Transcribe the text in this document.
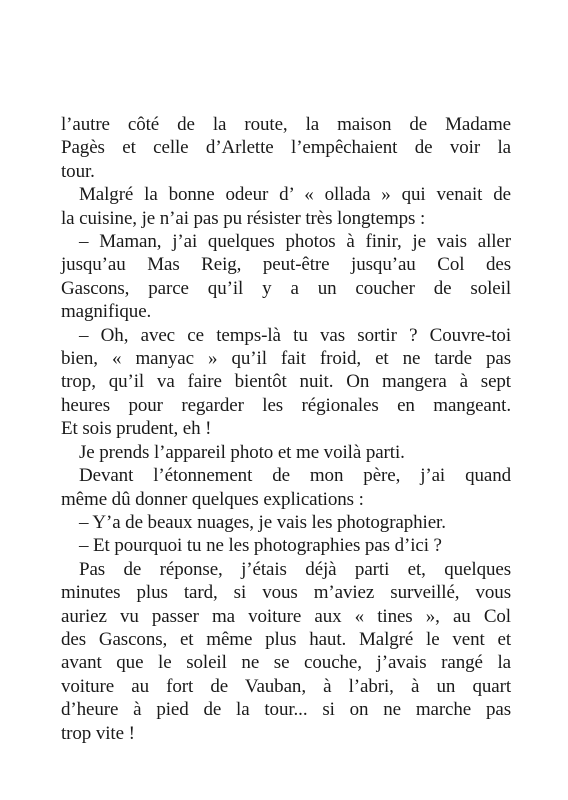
l’autre côté de la route, la maison de Madame
Pagès et celle d’Arlette l’empêchaient de voir la
tour.

Malgré la bonne odeur d’ « ollada » qui venait de
la cuisine, je n’ai pas pu résister très longtemps :

– Maman, j’ai quelques photos à finir, je vais aller
jusqu’au Mas Reig, peut-être jusqu’au Col des
Gascons, parce qu’il y a un coucher de soleil
magnifique.

– Oh, avec ce temps-là tu vas sortir ? Couvre-toi
bien, « manyac » qu’il fait froid, et ne tarde pas
trop, qu’il va faire bientôt nuit. On mangera à sept
heures pour regarder les régionales en mangeant.
Et sois prudent, eh !

Je prends l’appareil photo et me voilà parti.

Devant l’étonnement de mon père, j’ai quand
même dû donner quelques explications :

– Y’a de beaux nuages, je vais les photographier.

– Et pourquoi tu ne les photographies pas d’ici ?

Pas de réponse, j’étais déjà parti et, quelques
minutes plus tard, si vous m’aviez surveillé, vous
auriez vu passer ma voiture aux « tines », au Col
des Gascons, et même plus haut. Malgré le vent et
avant que le soleil ne se couche, j’avais rangé la
voiture au fort de Vauban, à l’abri, à un quart
d’heure à pied de la tour... si on ne marche pas
trop vite !
